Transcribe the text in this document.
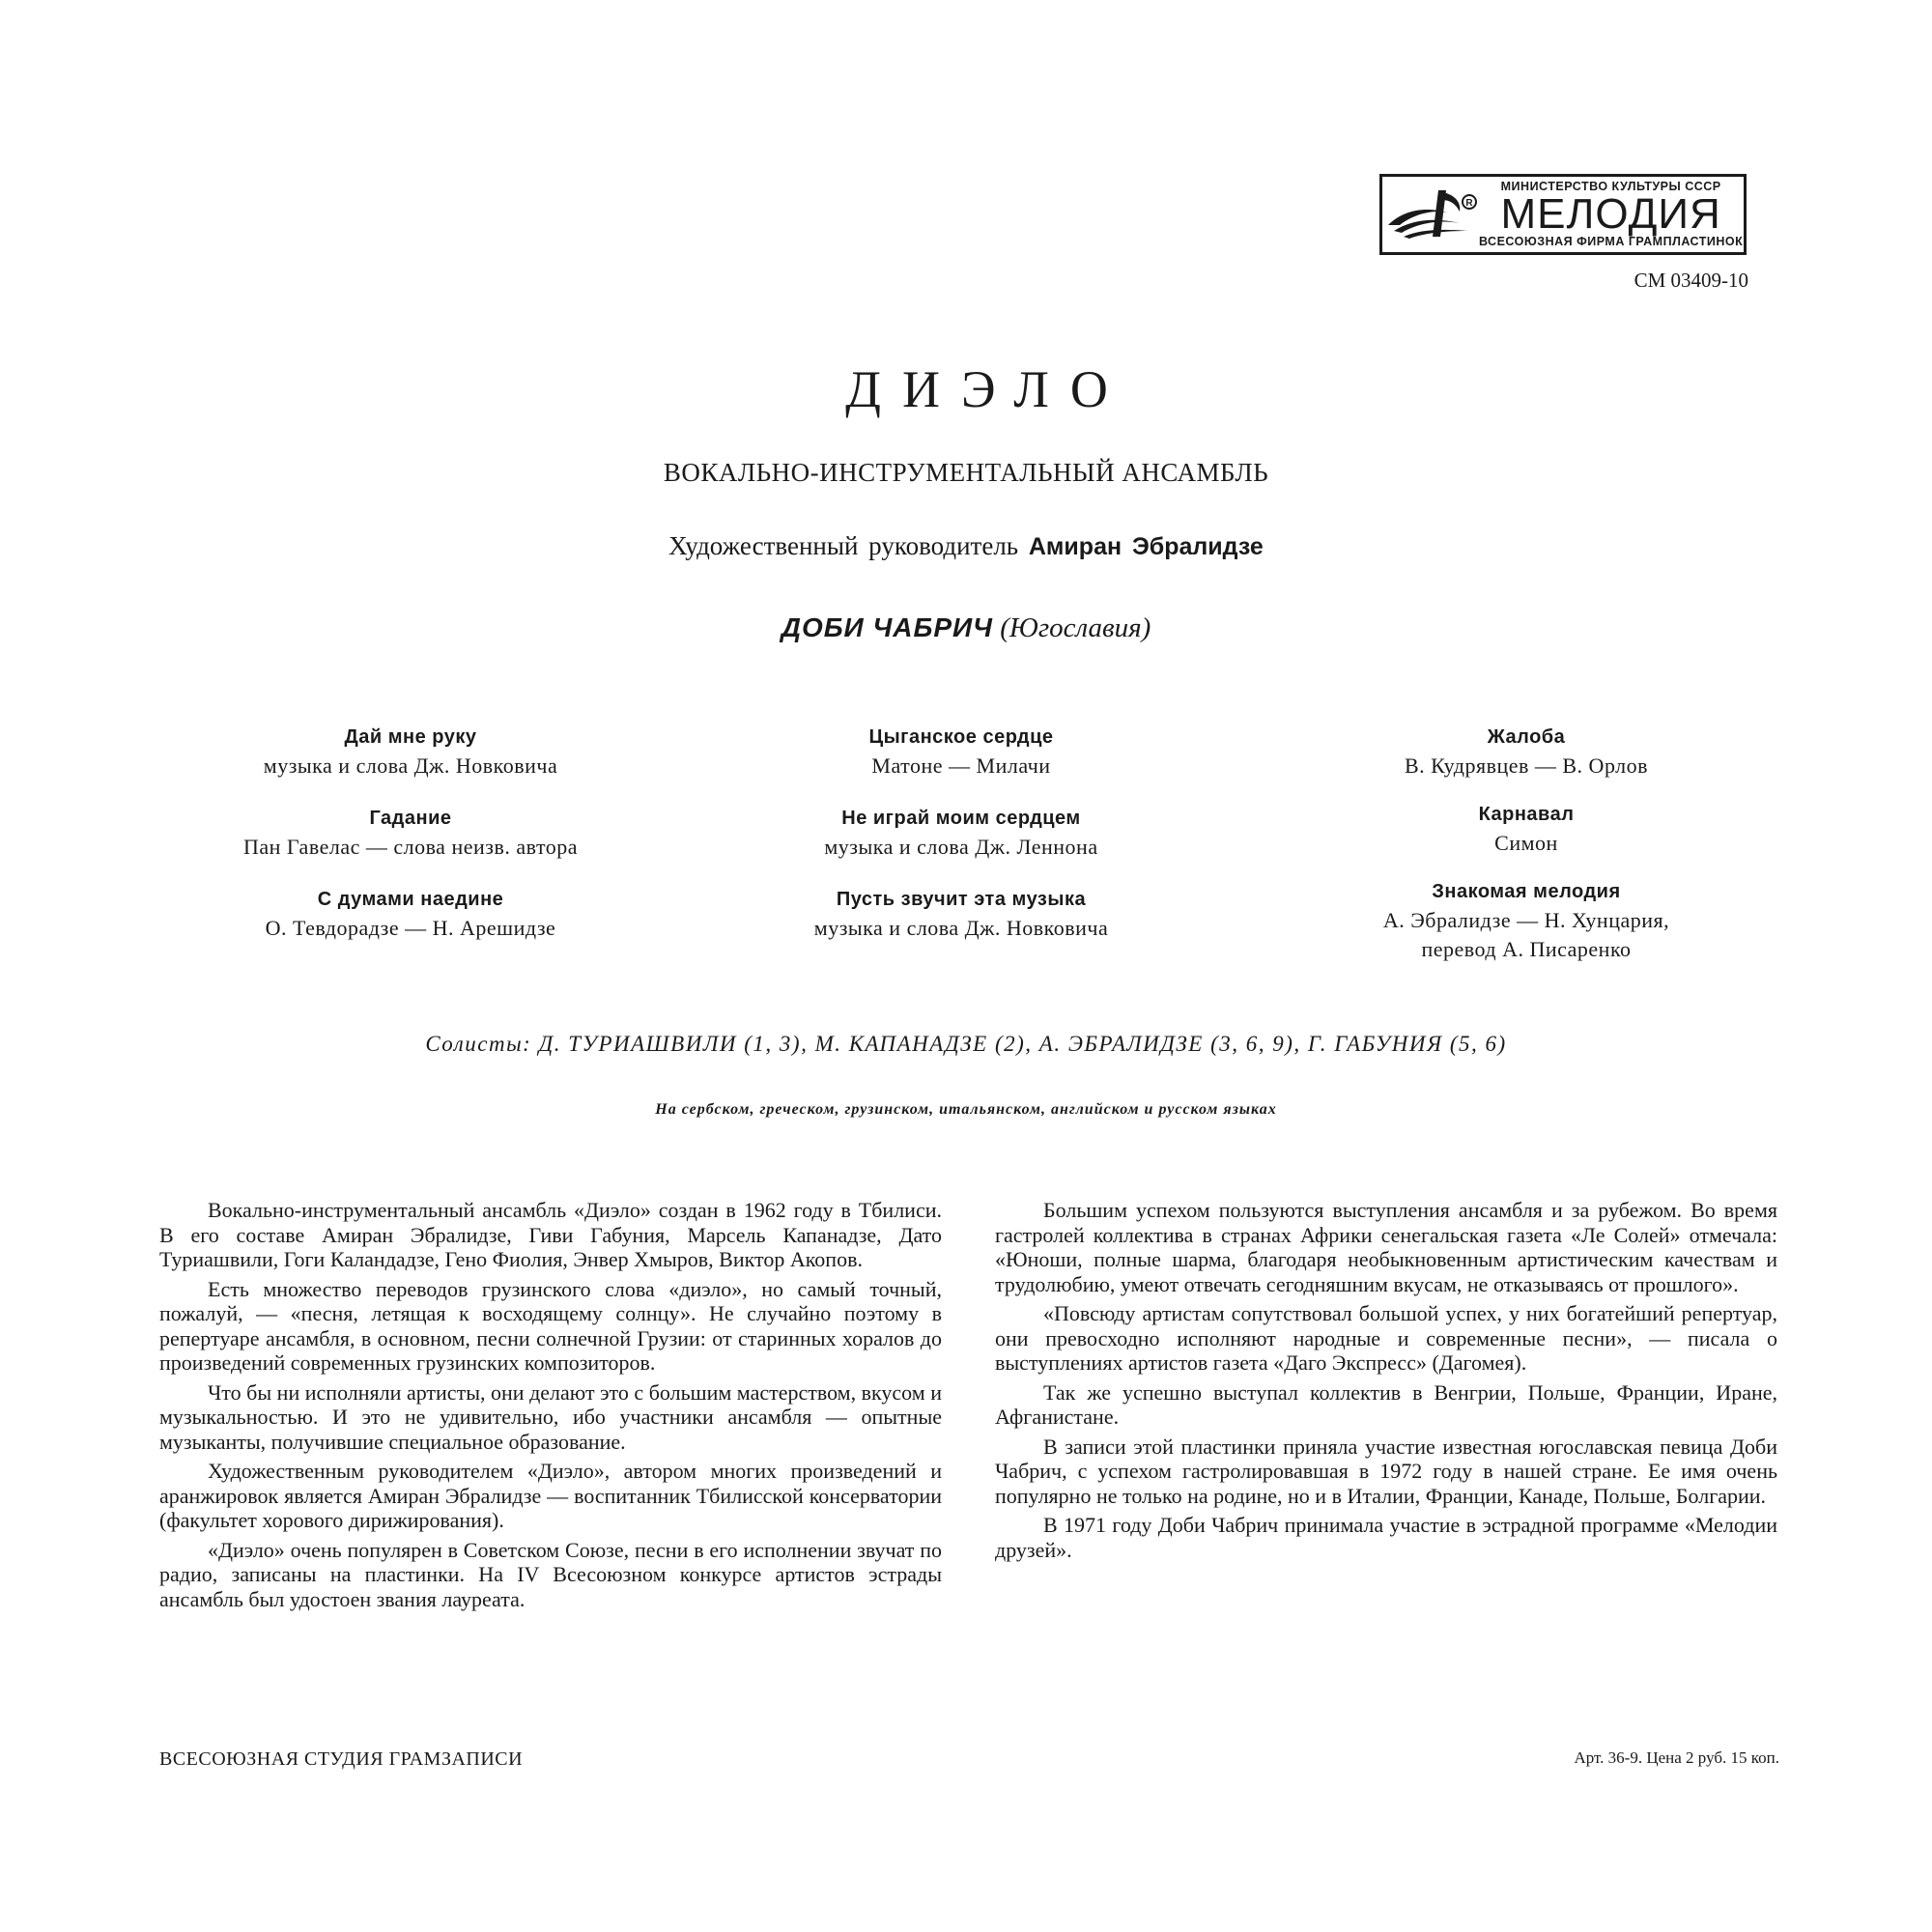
R
МИНИСТЕРСТВО КУЛЬТУРЫ СССР
МЕЛОДИЯ
ВСЕСОЮЗНАЯ ФИРМА ГРАМПЛАСТИНОК
СМ 03409-10
ДИЭЛО
ВОКАЛЬНО-ИНСТРУМЕНТАЛЬНЫЙ АНСАМБЛЬ
Художественный руководитель Амиран Эбралидзе
ДОБИ ЧАБРИЧ (Югославия)
Дай мне руку
музыка и слова Дж. Новковича
Гадание
Пан Гавелас — слова неизв. автора
С думами наедине
О. Тевдорадзе — Н. Арешидзе
Цыганское сердце
Матоне — Милачи
Не играй моим сердцем
музыка и слова Дж. Леннона
Пусть звучит эта музыка
музыка и слова Дж. Новковича
Жалоба
В. Кудрявцев — В. Орлов
Карнавал
Симон
Знакомая мелодия
А. Эбралидзе — Н. Хунцария,
перевод А. Писаренко
Солисты: Д. ТУРИАШВИЛИ (1, 3), М. КАПАНАДЗЕ (2), А. ЭБРАЛИДЗЕ (3, 6, 9), Г. ГАБУНИЯ (5, 6)
На сербском, греческом, грузинском, итальянском, английском и русском языках

Вокально-инструментальный ансамбль «Диэло» создан в 1962 году в Тбилиси. В его составе Амиран Эбралидзе, Гиви Габуния, Марсель Капанадзе, Дато Туриашвили, Гоги Каландадзе, Гено Фиолия, Энвер Хмыров, Виктор Акопов.

Есть множество переводов грузинского слова «диэло», но самый точный, пожалуй, — «песня, летящая к восходящему солнцу». Не случайно поэтому в репертуаре ансамбля, в основном, песни солнечной Грузии: от старинных хоралов до произведений современных грузинских композиторов.

Что бы ни исполняли артисты, они делают это с большим мастерством, вкусом и музыкальностью. И это не удивительно, ибо участники ансамбля — опытные музыканты, получившие специальное образование.

Художественным руководителем «Диэло», автором многих произведений и аранжировок является Амиран Эбралидзе — воспитанник Тбилисской консерватории (факультет хорового дирижирования).

«Диэло» очень популярен в Советском Союзе, песни в его исполнении звучат по радио, записаны на пластинки. На IV Всесоюзном конкурсе артистов эстрады ансамбль был удостоен звания лауреата.

Большим успехом пользуются выступления ансамбля и за рубежом. Во время гастролей коллектива в странах Африки сенегальская газета «Ле Солей» отмечала: «Юноши, полные шарма, благодаря необыкновенным артистическим качествам и трудолюбию, умеют отвечать сегодняшним вкусам, не отказываясь от прошлого».

«Повсюду артистам сопутствовал большой успех, у них богатейший репертуар, они превосходно исполняют народные и современные песни», — писала о выступлениях артистов газета «Даго Экспресс» (Дагомея).

Так же успешно выступал коллектив в Венгрии, Польше, Франции, Иране, Афганистане.

В записи этой пластинки приняла участие известная югославская певица Доби Чабрич, с успехом гастролировавшая в 1972 году в нашей стране. Ее имя очень популярно не только на родине, но и в Италии, Франции, Канаде, Польше, Болгарии.

В 1971 году Доби Чабрич принимала участие в эстрадной программе «Мелодии друзей».

ВСЕСОЮЗНАЯ СТУДИЯ ГРАМЗАПИСИ	Арт. 36-9. Цена 2 руб. 15 коп.
